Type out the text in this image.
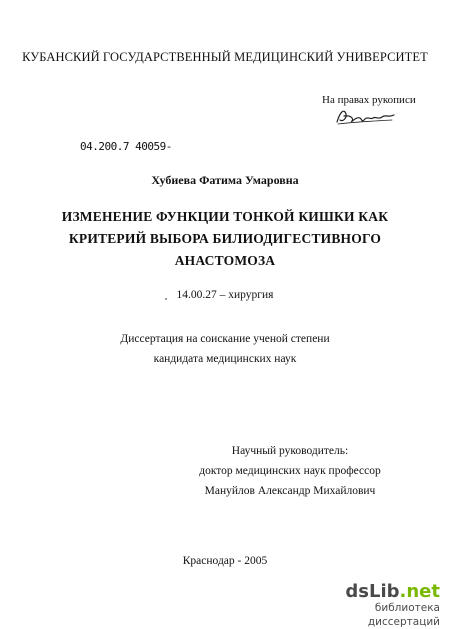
КУБАНСКИЙ ГОСУДАРСТВЕННЫЙ МЕДИЦИНСКИЙ УНИВЕРСИТЕТ
На правах рукописи
04.200.7 40059-
Хубиева Фатима Умаровна
ИЗМЕНЕНИЕ ФУНКЦИИ ТОНКОЙ КИШКИ КАК
КРИТЕРИЙ ВЫБОРА БИЛИОДИГЕСТИВНОГО
АНАСТОМОЗА
14.00.27 – хирургия
Диссертация на соискание ученой степени
кандидата медицинских наук
Научный руководитель:
доктор медицинских наук профессор
Мануйлов Александр Михайлович
Краснодар - 2005
dsLib.net
библиотека диссертаций
